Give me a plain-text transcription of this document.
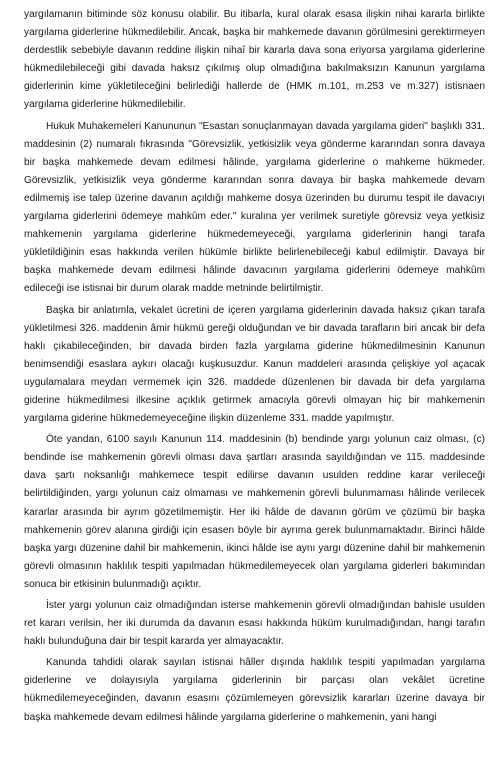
yargılamanın bitiminde söz konusu olabilir. Bu itibarla, kural olarak esasa ilişkin nihai kararla birlikte yargılama giderlerine hükmedilebilir. Ancak, başka bir mahkemede davanın görülmesini gerektirmeyen derdestlik sebebiyle davanın reddine ilişkin nihaî bir kararla dava sona eriyorsa yargılama giderlerine hükmedilebileceği gibi davada haksız çıkılmış olup olmadığına bakılmaksızın Kanunun yargılama giderlerinin kime yükletileceğini belirlediği hallerde de (HMK m.101, m.253 ve m.327) istisnaen yargılama giderlerine hükmedilebilir.

Hukuk Muhakemeleri Kanununun "Esastan sonuçlanmayan davada yargılama gideri" başlıklı 331. maddesinin (2) numaralı fıkrasında "Görevsizlik, yetkisizlik veya gönderme kararından sonra davaya bir başka mahkemede devam edilmesi hâlinde, yargılama giderlerine o mahkeme hükmeder. Görevsizlik, yetkisizlik veya gönderme kararından sonra davaya bir başka mahkemede devam edilmemiş ise talep üzerine davanın açıldığı mahkeme dosya üzerinden bu durumu tespit ile davacıyı yargılama giderlerini ödemeye mahkûm eder." kuralına yer verilmek suretiyle görevsiz veya yetkisiz mahkemenin yargılama giderlerine hükmedemeyeceği, yargılama giderlerinin hangi tarafa yükletildiğinin esas hakkında verilen hükümle birlikte belirlenebileceği kabul edilmiştir. Davaya bir başka mahkemede devam edilmesi hâlinde davacının yargılama giderlerini ödemeye mahkûm edileceği ise istisnai bir durum olarak madde metninde belirtilmiştir.

Başka bir anlatımla, vekalet ücretini de içeren yargılama giderlerinin davada haksız çıkan tarafa yükletilmesi 326. maddenin âmir hükmü gereği olduğundan ve bir davada tarafların biri ancak bir defa haklı çıkabileceğinden, bir davada birden fazla yargılama giderine hükmedilmesinin Kanunun benimsendiği esaslara aykırı olacağı kuşkusuzdur. Kanun maddeleri arasında çelişkiye yol açacak uygulamalara meydan vermemek için 326. maddede düzenlenen bir davada bir defa yargılama giderine hükmedilmesi ilkesine açıklık getirmek amacıyla görevli olmayan hiç bir mahkemenin yargılama giderine hükmedemeyeceğine ilişkin düzenleme 331. madde yapılmıştır.

Öte yandan, 6100 sayılı Kanunun 114. maddesinin (b) bendinde yargı yolunun caiz olması, (c) bendinde ise mahkemenin görevli olması dava şartları arasında sayıldığından ve 115. maddesinde dava şartı noksanlığı mahkemece tespit edilirse davanın usulden reddine karar verileceği belirtildiğinden, yargı yolunun caiz olmaması ve mahkemenin görevli bulunmaması hâlinde verilecek kararlar arasında bir ayrım gözetilmemiştir. Her iki hâlde de davanın görüm ve çözümü bir başka mahkemenin görev alanına girdiği için esasen böyle bir ayrıma gerek bulunmamaktadır. Birinci hâlde başka yargı düzenine dahil bir mahkemenin, ikinci hâlde ise aynı yargı düzenine dahil bir mahkemenin görevli olmasının haklılık tespiti yapılmadan hükmedilemeyecek olan yargılama giderleri bakımından sonuca bir etkisinin bulunmadığı açıktır.

İster yargı yolunun caiz olmadığından isterse mahkemenin görevli olmadığından bahisle usulden ret kararı verilsin, her iki durumda da davanın esası hakkında hüküm kurulmadığından, hangi tarafın haklı bulunduğuna dair bir tespit kararda yer almayacaktır.

Kanunda tahdidi olarak sayılan istisnai hâller dışında haklılık tespiti yapılmadan yargılama giderlerine ve dolayısıyla yargılama giderlerinin bir parçası olan vekâlet ücretine hükmedilemeyeceğinden, davanın esasını çözümlemeyen görevsizlik kararları üzerine davaya bir başka mahkemede devam edilmesi hâlinde yargılama giderlerine o mahkemenin, yani hangi
